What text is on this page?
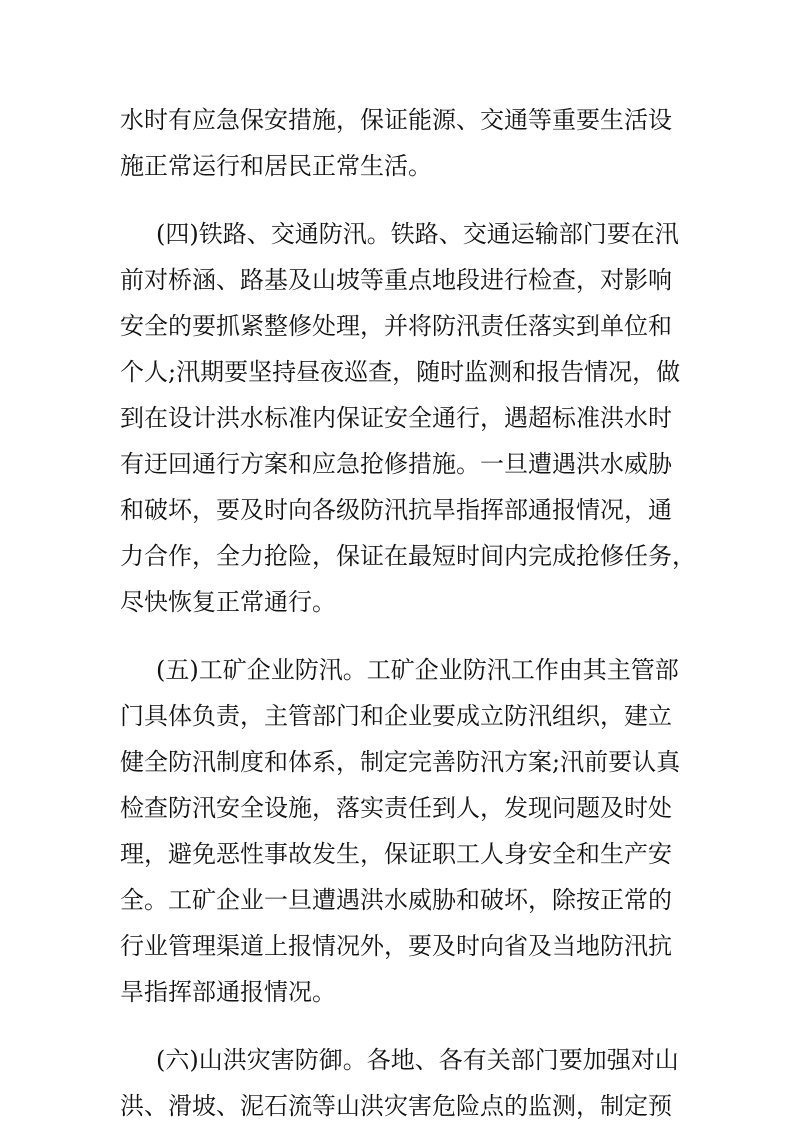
水时有应急保安措施，保证能源、交通等重要生活设
施正常运行和居民正常生活。

(四)铁路、交通防汛。铁路、交通运输部门要在汛
前对桥涵、路基及山坡等重点地段进行检查，对影响
安全的要抓紧整修处理，并将防汛责任落实到单位和
个人;汛期要坚持昼夜巡查，随时监测和报告情况，做
到在设计洪水标准内保证安全通行，遇超标准洪水时
有迂回通行方案和应急抢修措施。一旦遭遇洪水威胁
和破坏，要及时向各级防汛抗旱指挥部通报情况，通
力合作，全力抢险，保证在最短时间内完成抢修任务，
尽快恢复正常通行。

(五)工矿企业防汛。工矿企业防汛工作由其主管部
门具体负责，主管部门和企业要成立防汛组织，建立
健全防汛制度和体系，制定完善防汛方案;汛前要认真
检查防汛安全设施，落实责任到人，发现问题及时处
理，避免恶性事故发生，保证职工人身安全和生产安
全。工矿企业一旦遭遇洪水威胁和破坏，除按正常的
行业管理渠道上报情况外，要及时向省及当地防汛抗
旱指挥部通报情况。

(六)山洪灾害防御。各地、各有关部门要加强对山
洪、滑坡、泥石流等山洪灾害危险点的监测，制定预
